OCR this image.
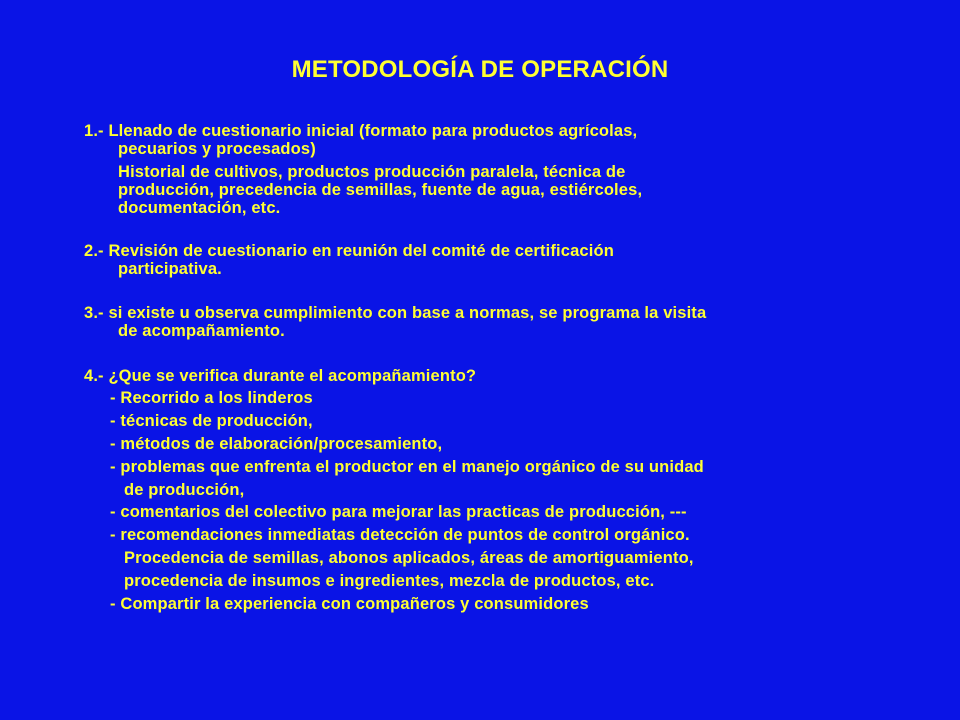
METODOLOGÍA DE OPERACIÓN
1.- Llenado de cuestionario inicial (formato para productos agrícolas,
pecuarios y procesados)
Historial de cultivos, productos producción paralela, técnica de
producción, precedencia de semillas, fuente de agua, estiércoles,
documentación, etc.
2.- Revisión de cuestionario en reunión del comité de certificación
participativa.
3.- si existe u observa cumplimiento con base a normas, se programa la visita
de acompañamiento.
4.- ¿Que se verifica durante el acompañamiento?
- Recorrido a los linderos
- técnicas de producción,
- métodos de elaboración/procesamiento,
- problemas que enfrenta el productor en el manejo orgánico de su unidad
de producción,
- comentarios del colectivo para mejorar las practicas de producción, ---
- recomendaciones inmediatas detección de puntos de control orgánico.
Procedencia de semillas, abonos aplicados, áreas de amortiguamiento,
procedencia de insumos e ingredientes, mezcla de productos, etc.
- Compartir la experiencia con compañeros y consumidores
